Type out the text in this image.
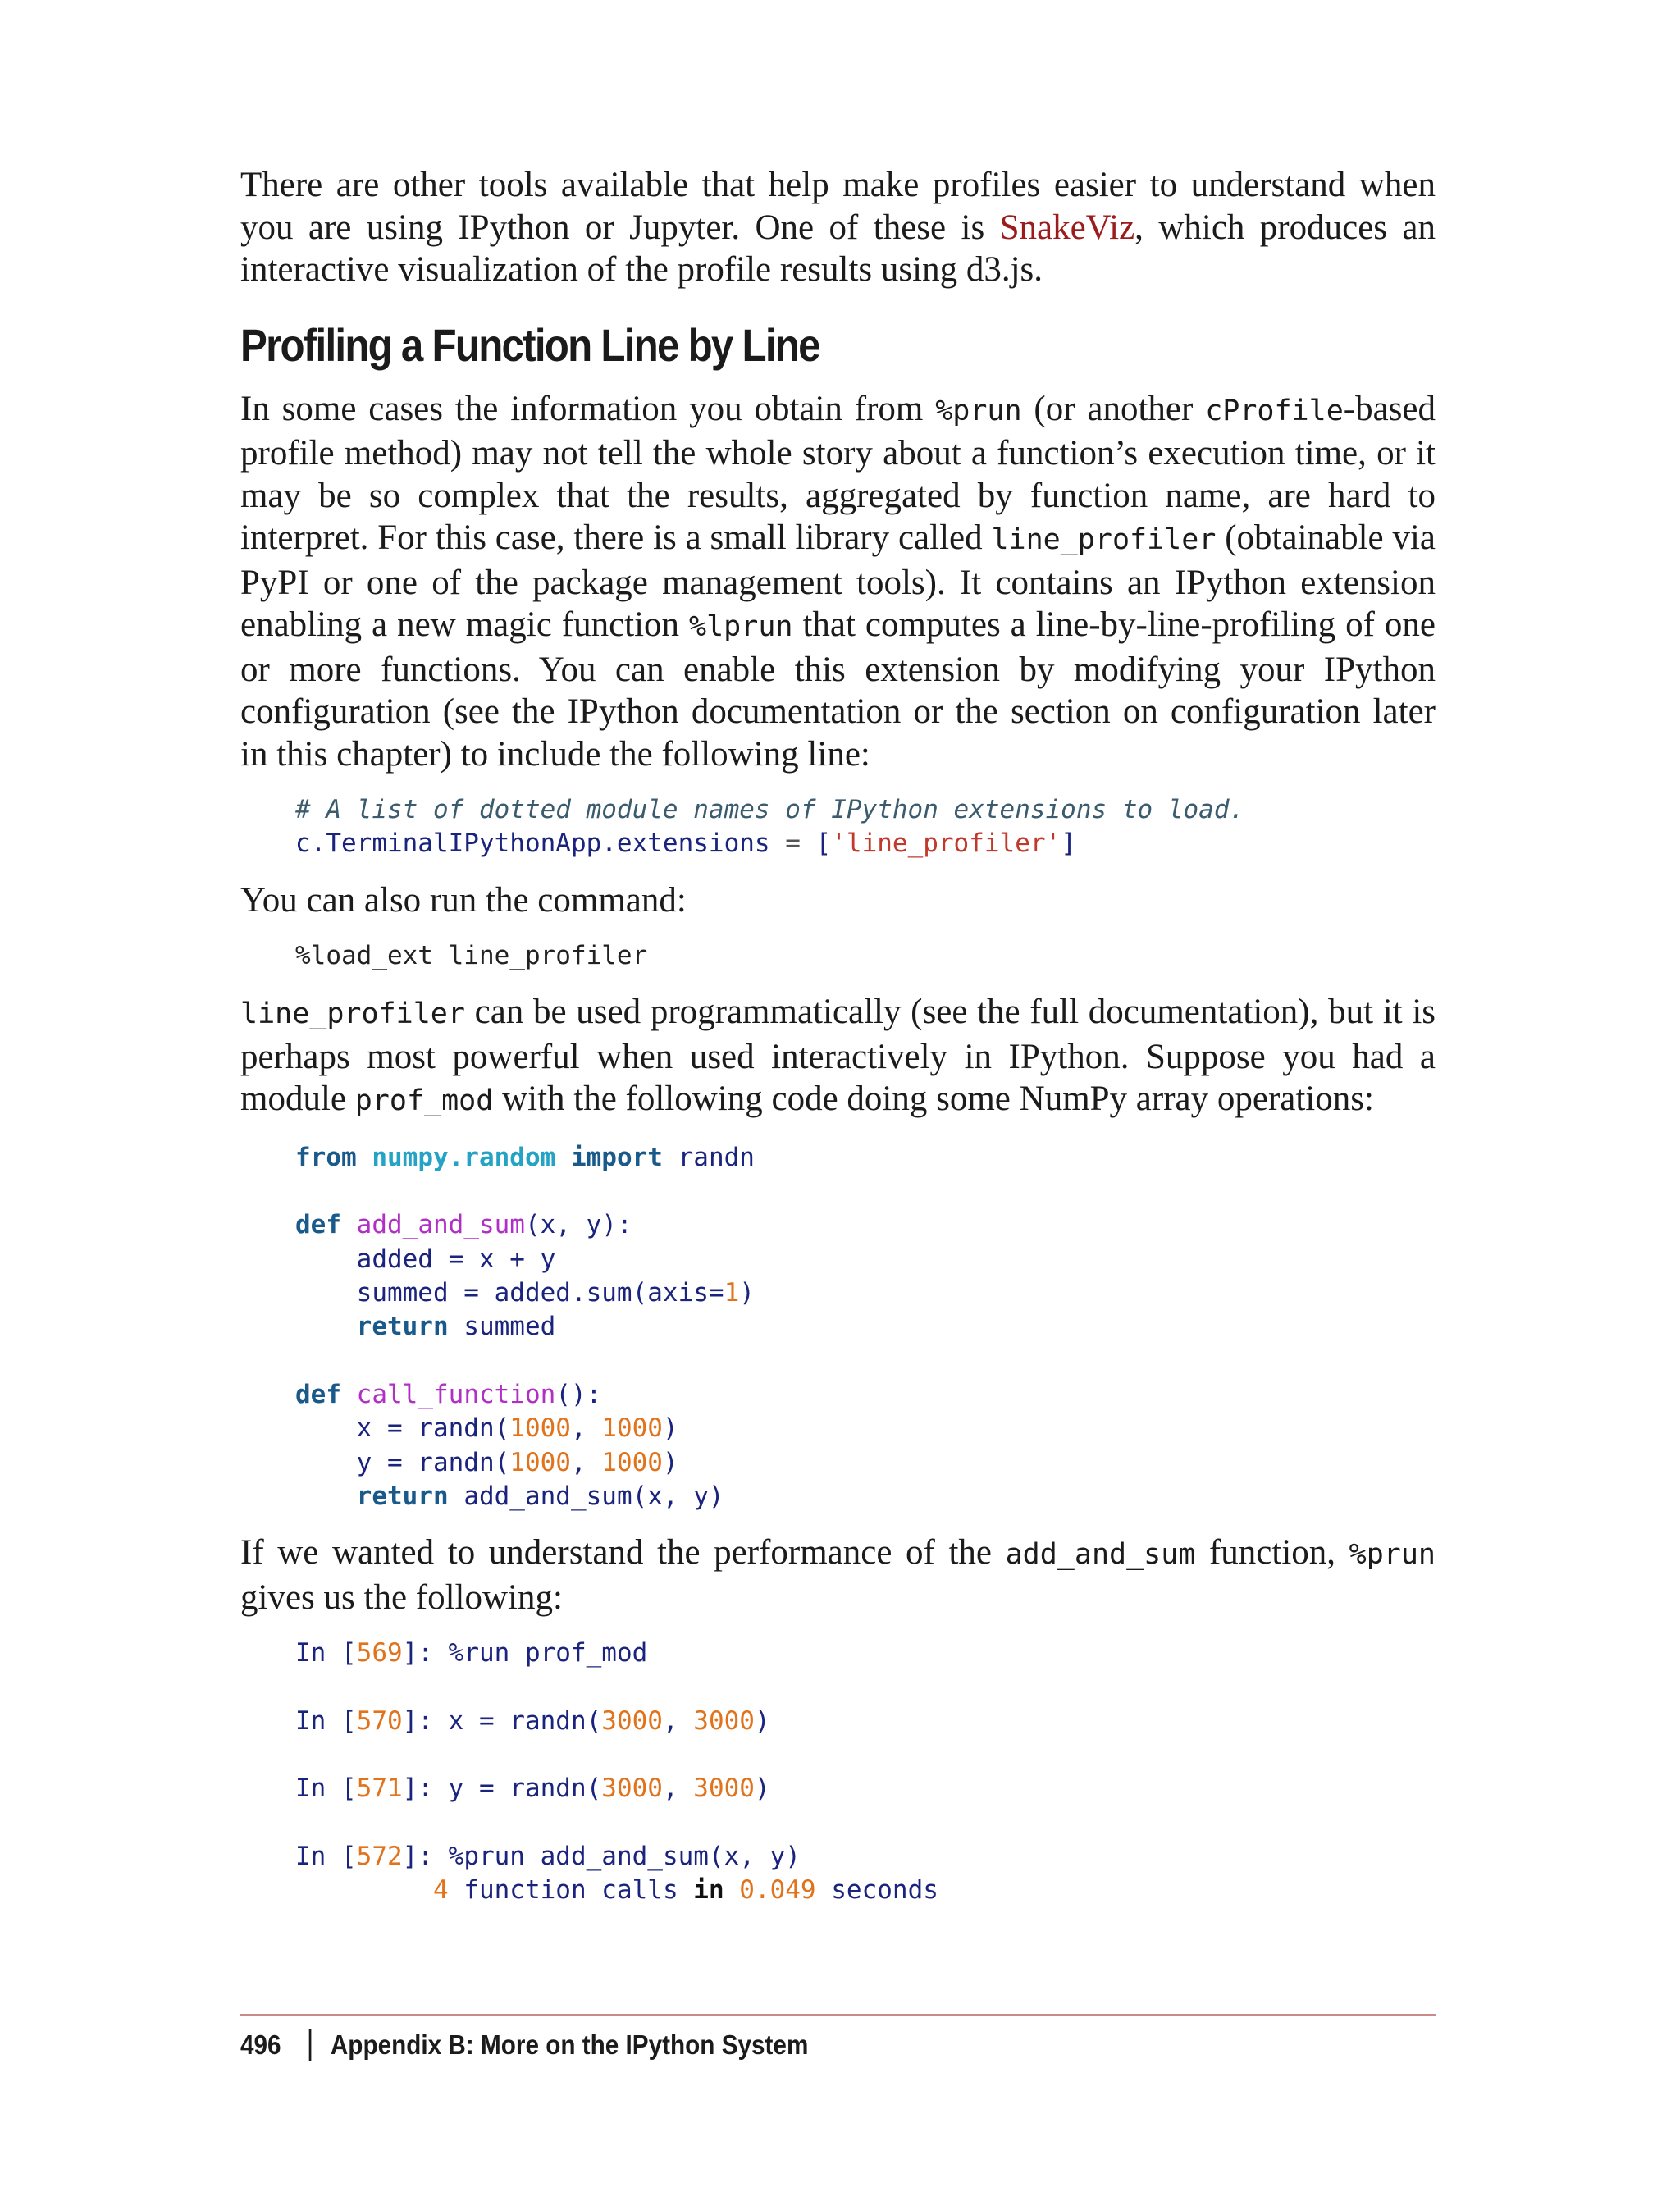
There are other tools available that help make profiles easier to understand when you are using IPython or Jupyter. One of these is SnakeViz, which produces an interactive visualization of the profile results using d3.js.

Profiling a Function Line by Line

In some cases the information you obtain from %prun (or another cProfile-based profile method) may not tell the whole story about a function’s execution time, or it may be so complex that the results, aggregated by function name, are hard to interpret. For this case, there is a small library called line_profiler (obtainable via PyPI or one of the package management tools). It contains an IPython extension enabling a new magic function %lprun that computes a line-by-line-profiling of one or more functions. You can enable this extension by modifying your IPython configuration (see the IPython documentation or the section on configuration later in this chapter) to include the following line:

# A list of dotted module names of IPython extensions to load.
c.TerminalIPythonApp.extensions = ['line_profiler']

You can also run the command:

%load_ext line_profiler

line_profiler can be used programmatically (see the full documentation), but it is perhaps most powerful when used interactively in IPython. Suppose you had a module prof_mod with the following code doing some NumPy array operations:

from numpy.random import randn
def add_and_sum(x, y):
added = x + y
summed = added.sum(axis=1)
return summed
def call_function():
x = randn(1000, 1000)
y = randn(1000, 1000)
return add_and_sum(x, y)

If we wanted to understand the performance of the add_and_sum function, %prun gives us the following:

In [569]: %run prof_mod
In [570]: x = randn(3000, 3000)
In [571]: y = randn(3000, 3000)
In [572]: %prun add_and_sum(x, y)
4 function calls in 0.049 seconds
496 Appendix B: More on the IPython System
